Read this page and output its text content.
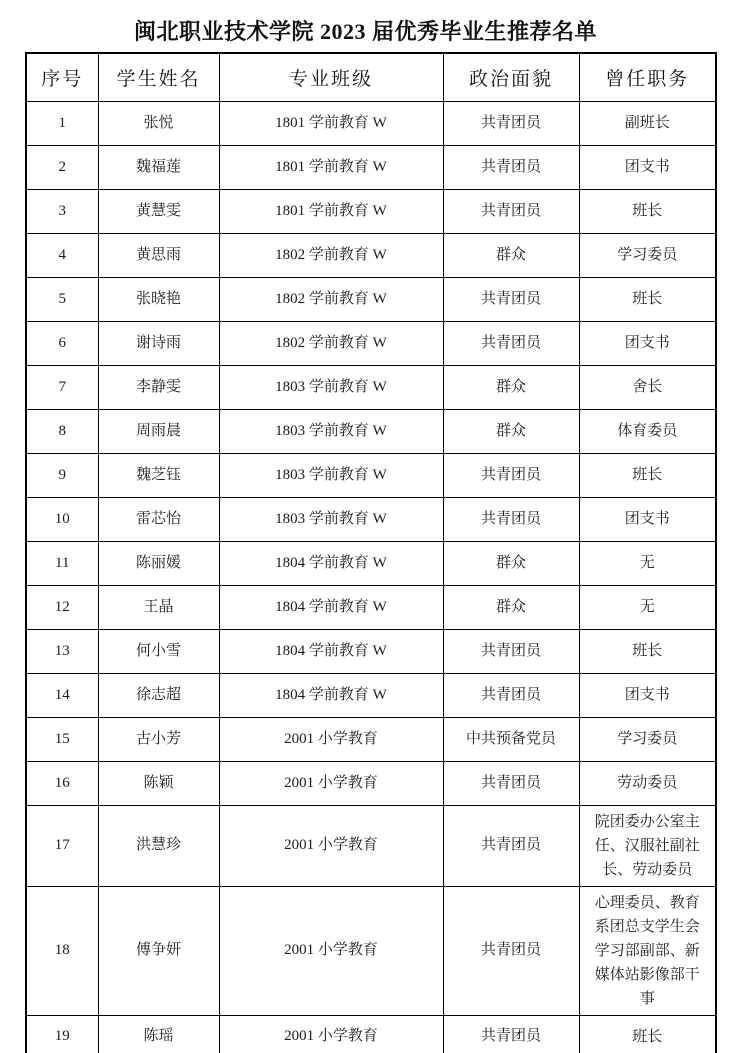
闽北职业技术学院 2023 届优秀毕业生推荐名单
序号	学生姓名	专业班级	政治面貌	曾任职务
1	张悦	1801 学前教育 W	共青团员	副班长
2	魏福莲	1801 学前教育 W	共青团员	团支书
3	黄慧雯	1801 学前教育 W	共青团员	班长
4	黄思雨	1802 学前教育 W	群众	学习委员
5	张晓艳	1802 学前教育 W	共青团员	班长
6	谢诗雨	1802 学前教育 W	共青团员	团支书
7	李静雯	1803 学前教育 W	群众	舍长
8	周雨晨	1803 学前教育 W	群众	体育委员
9	魏芝钰	1803 学前教育 W	共青团员	班长
10	雷芯怡	1803 学前教育 W	共青团员	团支书
11	陈丽媛	1804 学前教育 W	群众	无
12	王晶	1804 学前教育 W	群众	无
13	何小雪	1804 学前教育 W	共青团员	班长
14	徐志超	1804 学前教育 W	共青团员	团支书
15	古小芳	2001 小学教育	中共预备党员	学习委员
16	陈颖	2001 小学教育	共青团员	劳动委员
17	洪慧珍	2001 小学教育	共青团员	院团委办公室主任、汉服社副社长、劳动委员
18	傅争妍	2001 小学教育	共青团员	心理委员、教育系团总支学生会学习部副部、新媒体站影像部干事
19	陈瑶	2001 小学教育	共青团员	班长
